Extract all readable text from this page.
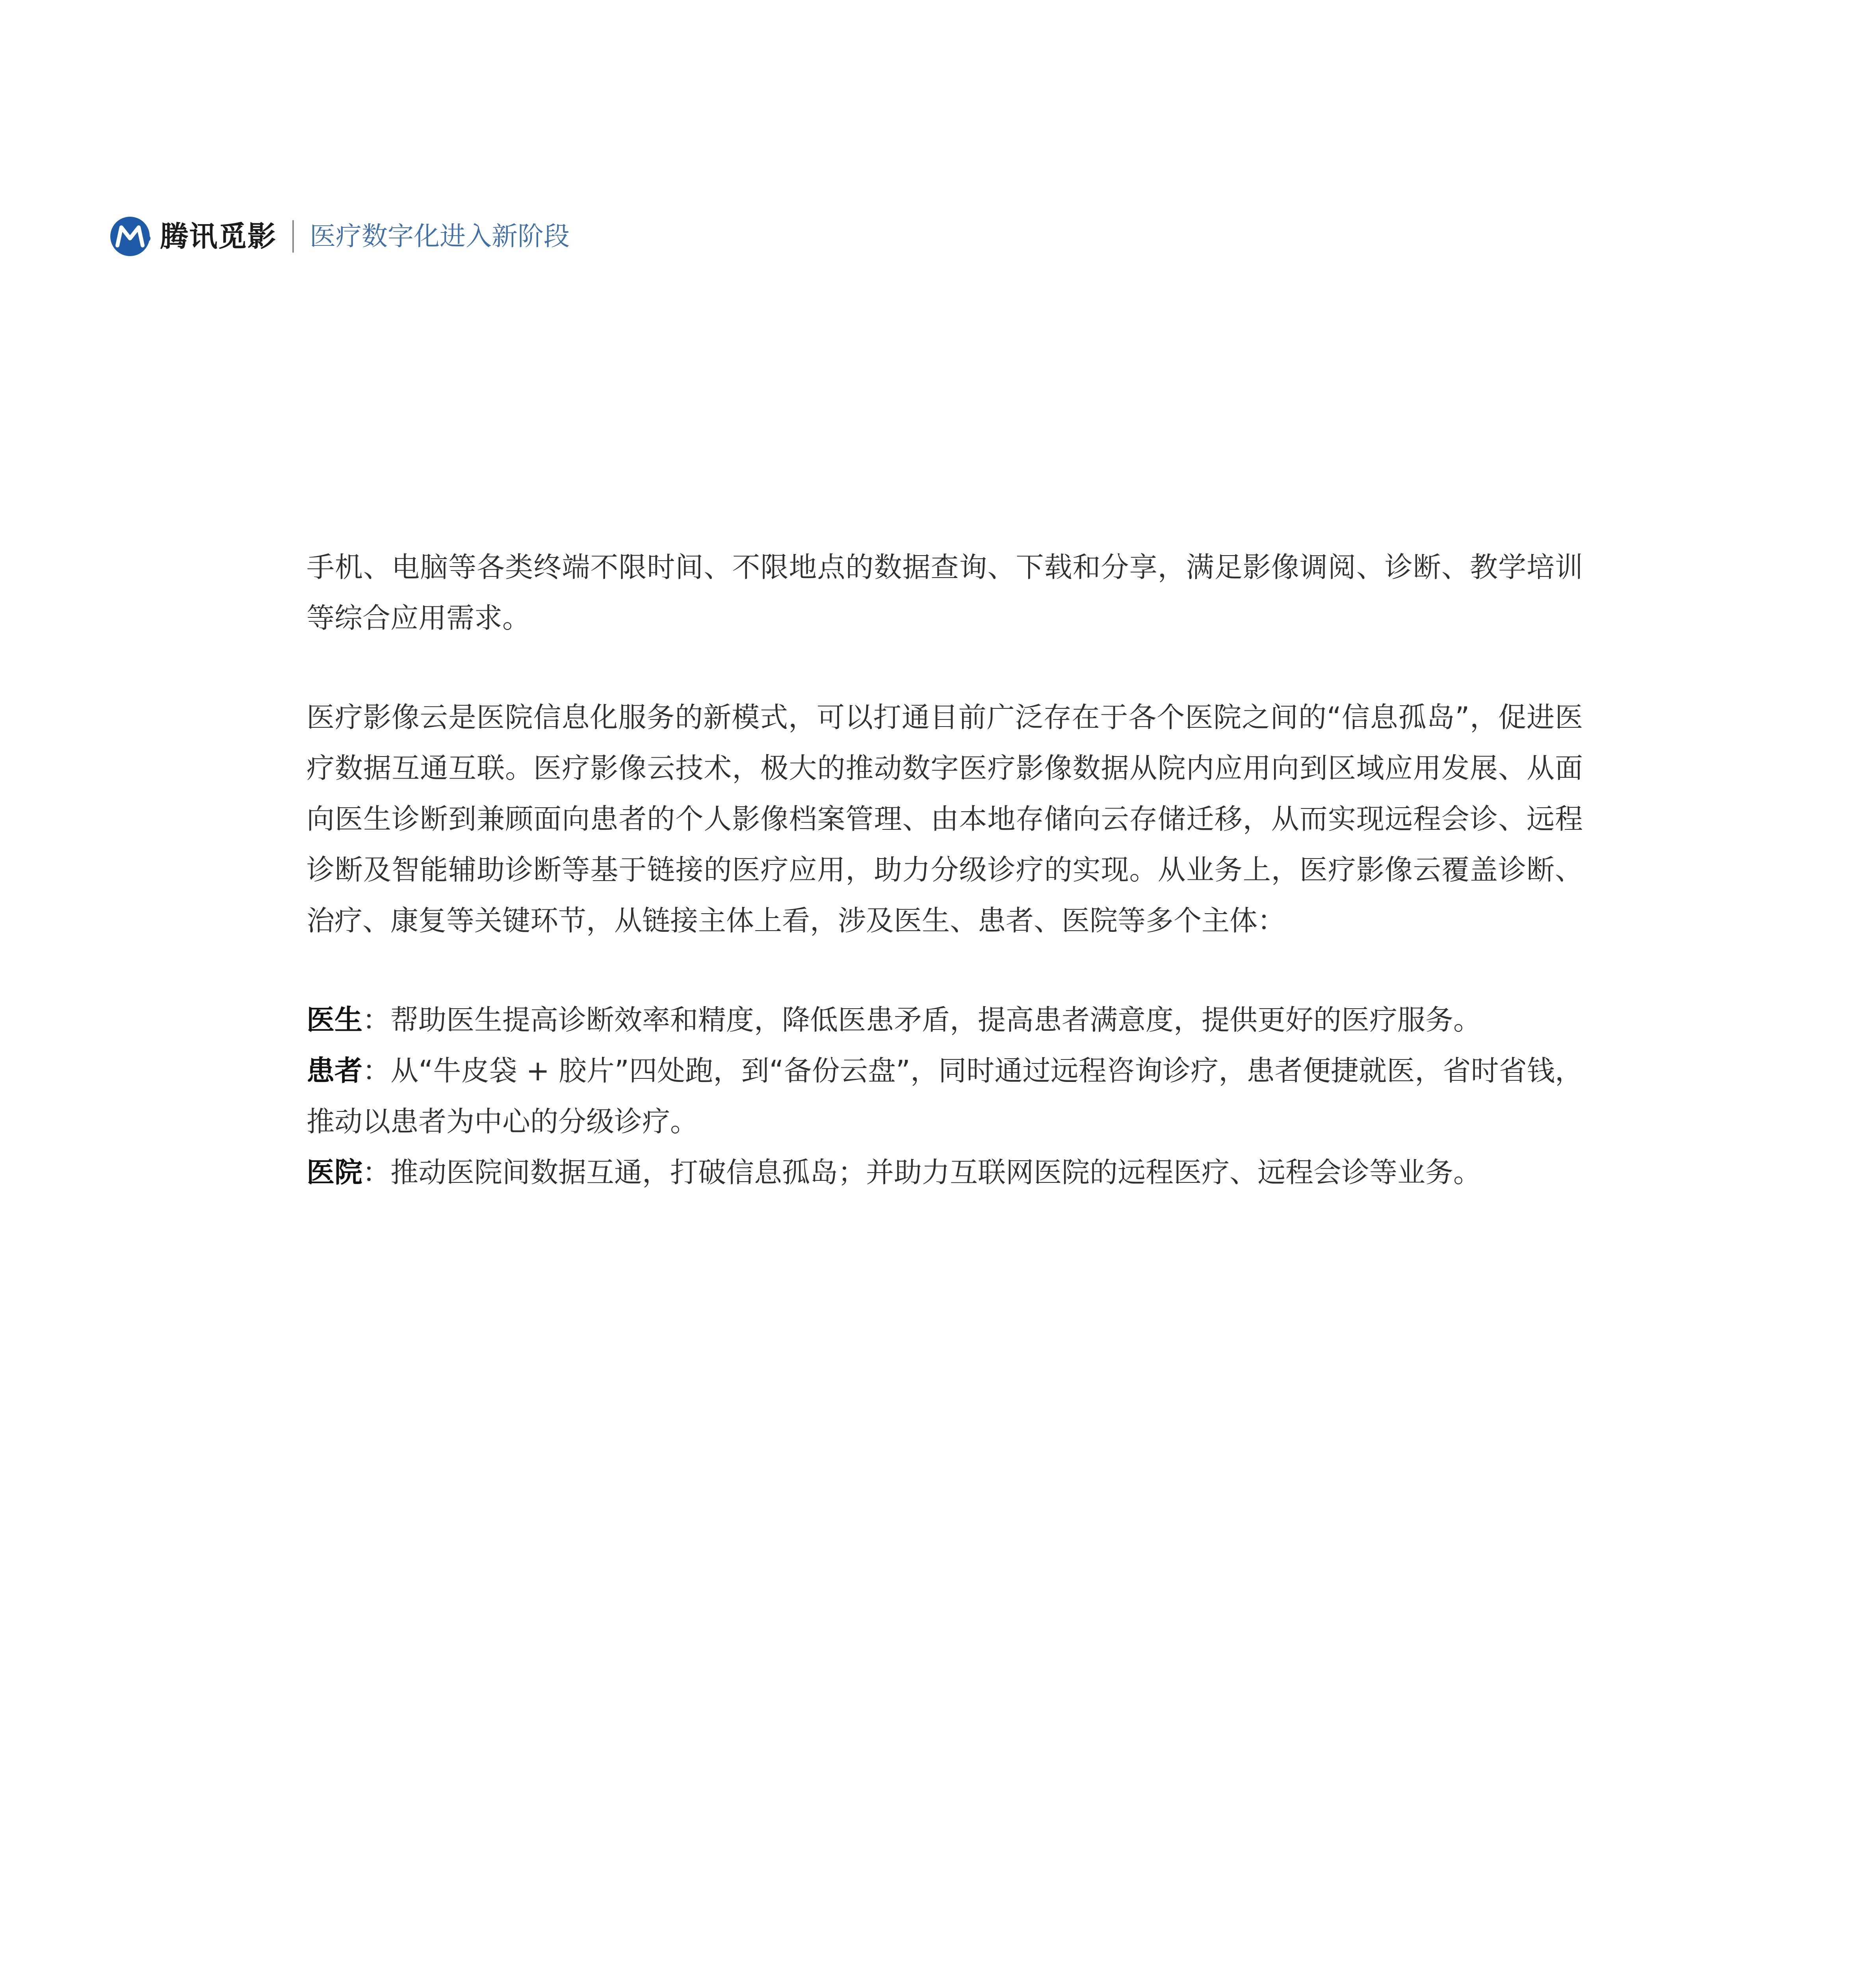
腾讯觅影 医疗数字化进入新阶段

手机、电脑等各类终端不限时间、不限地点的数据查询、下载和分享，满足影像调阅、诊断、教学培训等综合应用需求。

医疗影像云是医院信息化服务的新模式，可以打通目前广泛存在于各个医院之间的“信息孤岛”，促进医疗数据互通互联。医疗影像云技术，极大的推动数字医疗影像数据从院内应用向到区域应用发展、从面向医生诊断到兼顾面向患者的个人影像档案管理、由本地存储向云存储迁移，从而实现远程会诊、远程诊断及智能辅助诊断等基于链接的医疗应用，助力分级诊疗的实现。从业务上，医疗影像云覆盖诊断、治疗、康复等关键环节，从链接主体上看，涉及医生、患者、医院等多个主体：

医生：帮助医生提高诊断效率和精度，降低医患矛盾，提高患者满意度，提供更好的医疗服务。

患者：从“牛皮袋 + 胶片”四处跑，到“备份云盘”，同时通过远程咨询诊疗，患者便捷就医，省时省钱，推动以患者为中心的分级诊疗。

医院：推动医院间数据互通，打破信息孤岛；并助力互联网医院的远程医疗、远程会诊等业务。
